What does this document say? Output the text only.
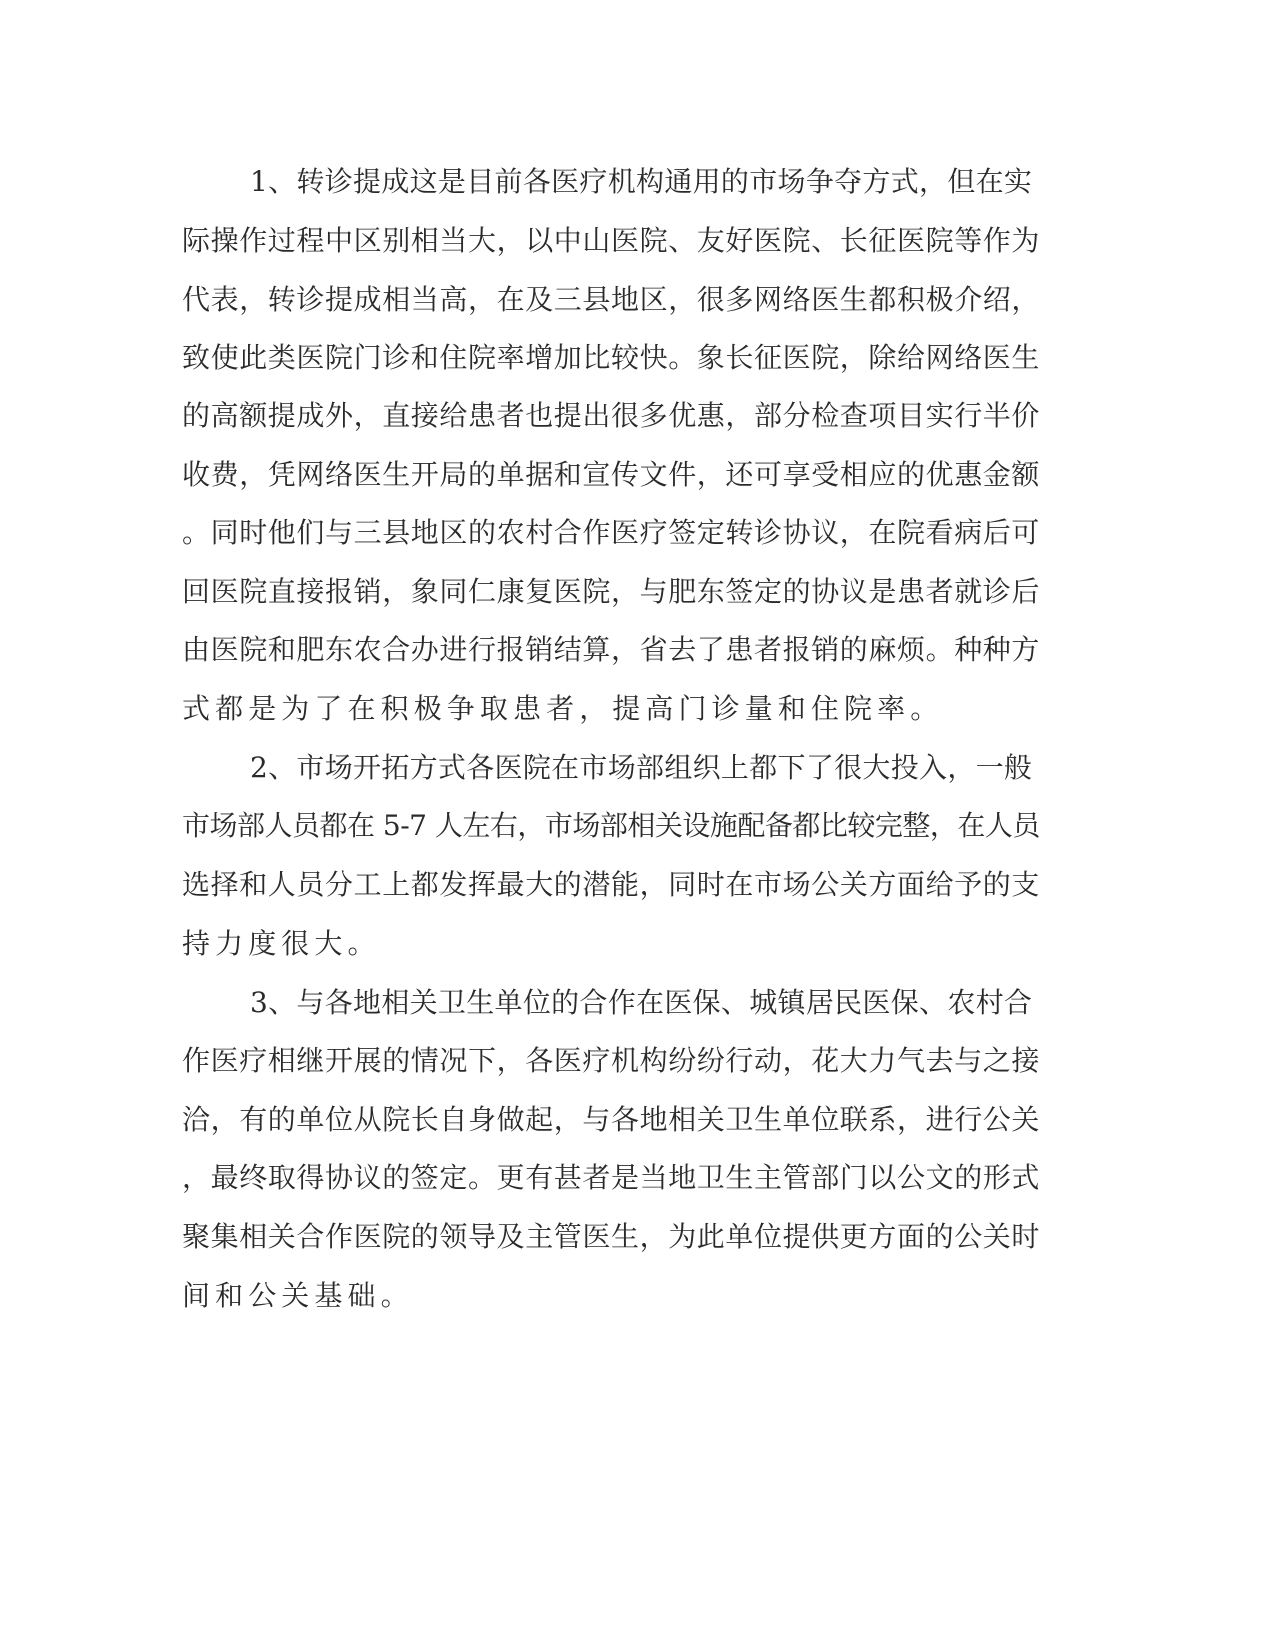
1、转诊提成这是目前各医疗机构通用的市场争夺方式，但在实

际操作过程中区别相当大，以中山医院、友好医院、长征医院等作为

代表，转诊提成相当高，在及三县地区，很多网络医生都积极介绍，

致使此类医院门诊和住院率增加比较快。象长征医院，除给网络医生

的高额提成外，直接给患者也提出很多优惠，部分检查项目实行半价

收费，凭网络医生开局的单据和宣传文件，还可享受相应的优惠金额

。同时他们与三县地区的农村合作医疗签定转诊协议，在院看病后可

回医院直接报销，象同仁康复医院，与肥东签定的协议是患者就诊后

由医院和肥东农合办进行报销结算，省去了患者报销的麻烦。种种方

式都是为了在积极争取患者，提高门诊量和住院率。

2、市场开拓方式各医院在市场部组织上都下了很大投入，一般

市场部人员都在 5-7 人左右，市场部相关设施配备都比较完整，在人员

选择和人员分工上都发挥最大的潜能，同时在市场公关方面给予的支

持力度很大。

3、与各地相关卫生单位的合作在医保、城镇居民医保、农村合

作医疗相继开展的情况下，各医疗机构纷纷行动，花大力气去与之接

洽，有的单位从院长自身做起，与各地相关卫生单位联系，进行公关

，最终取得协议的签定。更有甚者是当地卫生主管部门以公文的形式

聚集相关合作医院的领导及主管医生，为此单位提供更方面的公关时

间和公关基础。
